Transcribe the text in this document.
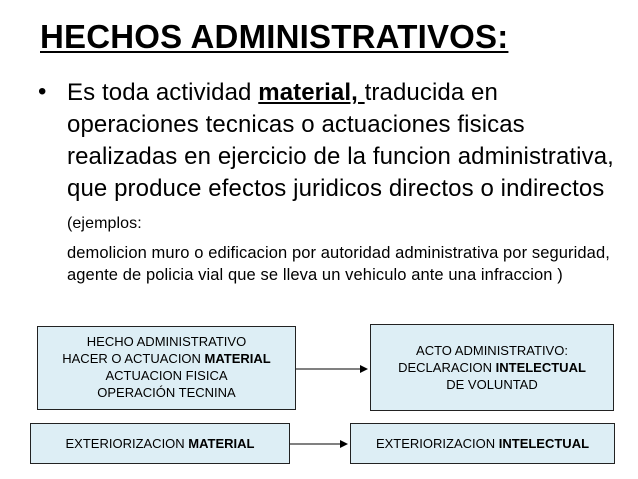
HECHOS ADMINISTRATIVOS:
• Es toda actividad material, traducida en operaciones tecnicas o actuaciones fisicas realizadas en ejercicio de la funcion administrativa, que produce efectos juridicos directos o indirectos (ejemplos:
demolicion muro o edificacion por autoridad administrativa por seguridad, agente de policia vial que se lleva un vehiculo ante una infraccion )
HECHO ADMINISTRATIVO
HACER O ACTUACION MATERIAL
ACTUACION FISICA
OPERACIÓN TECNINA
ACTO ADMINISTRATIVO:
DECLARACION INTELECTUAL
DE VOLUNTAD
EXTERIORIZACION MATERIAL	EXTERIORIZACION INTELECTUAL
